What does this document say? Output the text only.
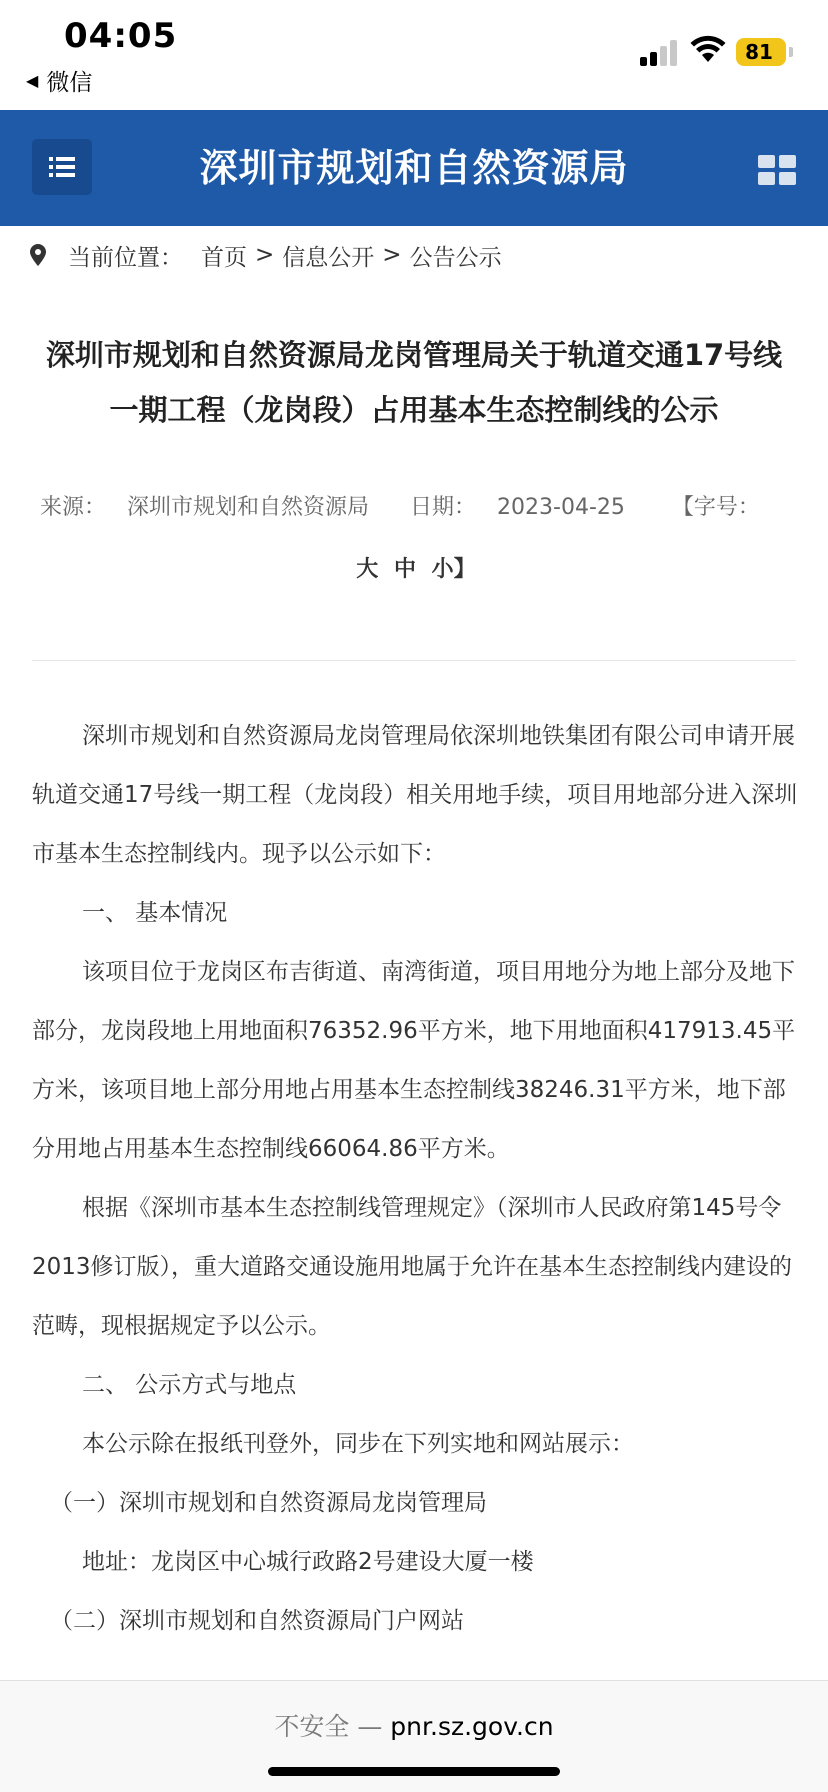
04:05
◀ 微信
81
深圳市规划和自然资源局
当前位置： 首页 > 信息公开 > 公告公示
深圳市规划和自然资源局龙岗管理局关于轨道交通17号线一期工程（龙岗段）占用基本生态控制线的公示
来源： 深圳市规划和自然资源局 日期： 2023-04-25 【字号：
大 中 小】

深圳市规划和自然资源局龙岗管理局依深圳地铁集团有限公司申请开展轨道交通17号线一期工程（龙岗段）相关用地手续，项目用地部分进入深圳市基本生态控制线内。现予以公示如下：

一、 基本情况

该项目位于龙岗区布吉街道、南湾街道，项目用地分为地上部分及地下部分，龙岗段地上用地面积76352.96平方米，地下用地面积417913.45平方米，该项目地上部分用地占用基本生态控制线38246.31平方米，地下部分用地占用基本生态控制线66064.86平方米。

根据《深圳市基本生态控制线管理规定》（深圳市人民政府第145号令2013修订版），重大道路交通设施用地属于允许在基本生态控制线内建设的范畴，现根据规定予以公示。

二、 公示方式与地点

本公示除在报纸刊登外，同步在下列实地和网站展示：

（一）深圳市规划和自然资源局龙岗管理局

地址：龙岗区中心城行政路2号建设大厦一楼

（二）深圳市规划和自然资源局门户网站

不安全 — pnr.sz.gov.cn
